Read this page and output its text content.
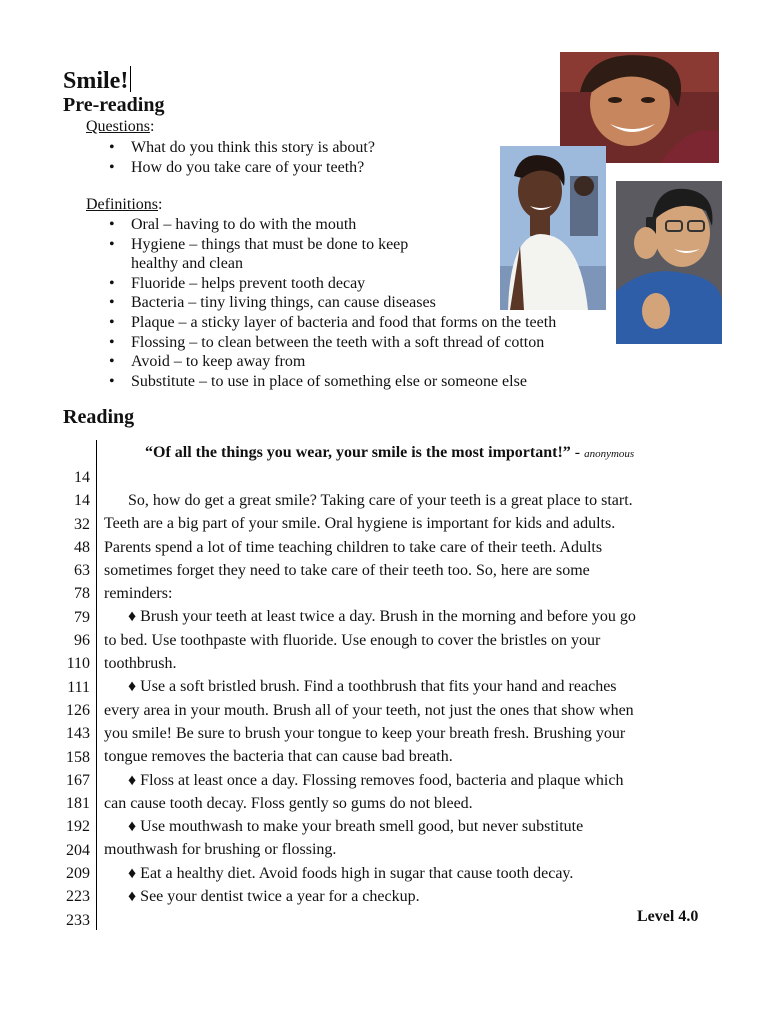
Smile!
Pre-reading
Questions:
• What do you think this story is about?
• How do you take care of your teeth?
Definitions:
• Oral – having to do with the mouth
• Hygiene – things that must be done to keep
healthy and clean
• Fluoride – helps prevent tooth decay
• Bacteria – tiny living things, can cause diseases
• Plaque – a sticky layer of bacteria and food that forms on the teeth
• Flossing – to clean between the teeth with a soft thread of cotton
• Avoid – to keep away from
• Substitute – to use in place of something else or someone else
Reading
“Of all the things you wear, your smile is the most important!” - anonymous
14
14
32
48
63
78
79
96
110
111
126
143
158
167
181
192
204
209
223
233
So, how do get a great smile? Taking care of your teeth is a great place to start.
Teeth are a big part of your smile. Oral hygiene is important for kids and adults.
Parents spend a lot of time teaching children to take care of their teeth. Adults
sometimes forget they need to take care of their teeth too. So, here are some
reminders:
♦ Brush your teeth at least twice a day. Brush in the morning and before you go
to bed. Use toothpaste with fluoride. Use enough to cover the bristles on your
toothbrush.
♦ Use a soft bristled brush. Find a toothbrush that fits your hand and reaches
every area in your mouth. Brush all of your teeth, not just the ones that show when
you smile! Be sure to brush your tongue to keep your breath fresh. Brushing your
tongue removes the bacteria that can cause bad breath.
♦ Floss at least once a day. Flossing removes food, bacteria and plaque which
can cause tooth decay. Floss gently so gums do not bleed.
♦ Use mouthwash to make your breath smell good, but never substitute
mouthwash for brushing or flossing.
♦ Eat a healthy diet. Avoid foods high in sugar that cause tooth decay.
♦ See your dentist twice a year for a checkup.
Level 4.0
